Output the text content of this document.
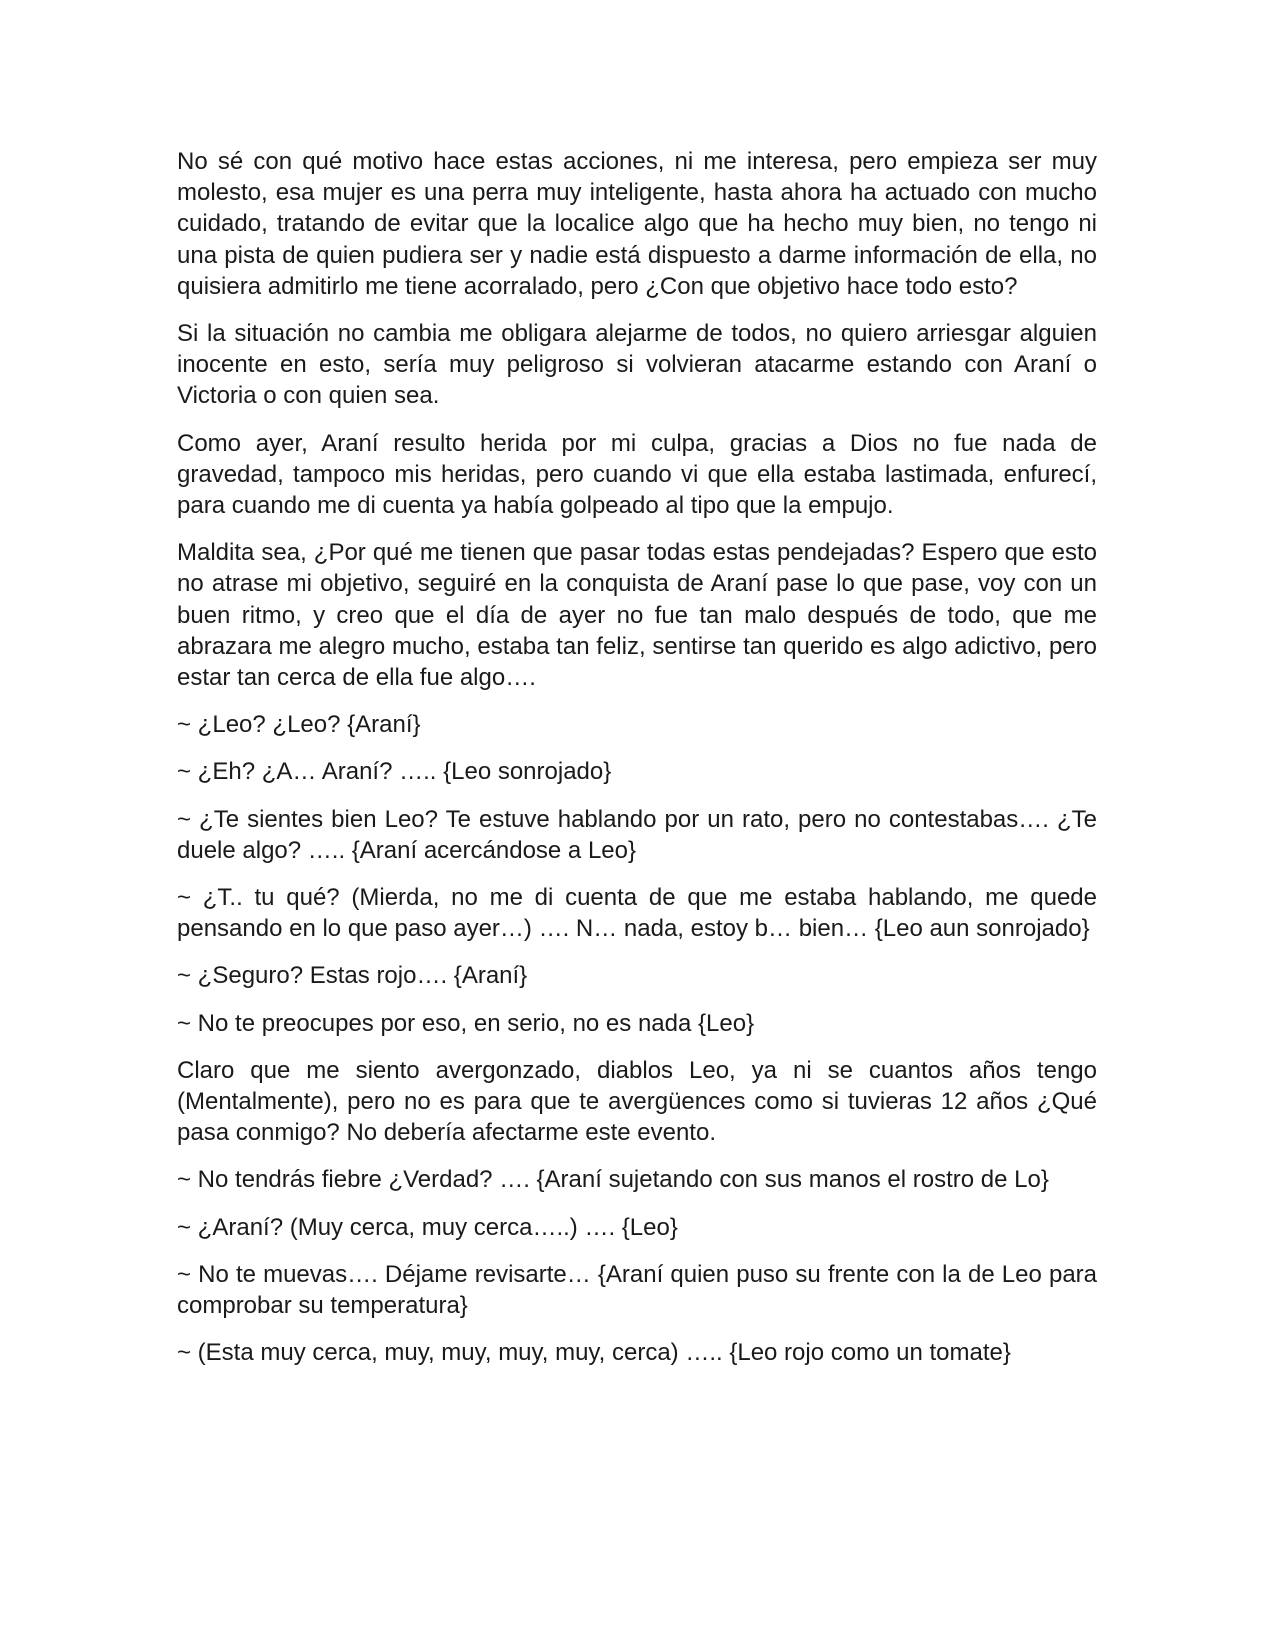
No sé con qué motivo hace estas acciones, ni me interesa, pero empieza ser muy molesto, esa mujer es una perra muy inteligente, hasta ahora ha actuado con mucho cuidado, tratando de evitar que la localice algo que ha hecho muy bien, no tengo ni una pista de quien pudiera ser y nadie está dispuesto a darme información de ella, no quisiera admitirlo me tiene acorralado, pero ¿Con que objetivo hace todo esto?

Si la situación no cambia me obligara alejarme de todos, no quiero arriesgar alguien inocente en esto, sería muy peligroso si volvieran atacarme estando con Araní o Victoria o con quien sea.

Como ayer, Araní resulto herida por mi culpa, gracias a Dios no fue nada de gravedad, tampoco mis heridas, pero cuando vi que ella estaba lastimada, enfurecí, para cuando me di cuenta ya había golpeado al tipo que la empujo.

Maldita sea, ¿Por qué me tienen que pasar todas estas pendejadas? Espero que esto no atrase mi objetivo, seguiré en la conquista de Araní pase lo que pase, voy con un buen ritmo, y creo que el día de ayer no fue tan malo después de todo, que me abrazara me alegro mucho, estaba tan feliz, sentirse tan querido es algo adictivo, pero estar tan cerca de ella fue algo….

~ ¿Leo? ¿Leo? {Araní}

~ ¿Eh? ¿A… Araní? ….. {Leo sonrojado}

~ ¿Te sientes bien Leo? Te estuve hablando por un rato, pero no contestabas…. ¿Te duele algo? ….. {Araní acercándose a Leo}

~ ¿T.. tu qué? (Mierda, no me di cuenta de que me estaba hablando, me quede pensando en lo que paso ayer…) …. N… nada, estoy b… bien… {Leo aun sonrojado}

~ ¿Seguro? Estas rojo…. {Araní}

~ No te preocupes por eso, en serio, no es nada {Leo}

Claro que me siento avergonzado, diablos Leo, ya ni se cuantos años tengo (Mentalmente), pero no es para que te avergüences como si tuvieras 12 años ¿Qué pasa conmigo? No debería afectarme este evento.

~ No tendrás fiebre ¿Verdad? …. {Araní sujetando con sus manos el rostro de Lo}

~ ¿Araní? (Muy cerca, muy cerca…..) …. {Leo}

~ No te muevas…. Déjame revisarte… {Araní quien puso su frente con la de Leo para comprobar su temperatura}

~ (Esta muy cerca, muy, muy, muy, muy, cerca) ….. {Leo rojo como un tomate}
